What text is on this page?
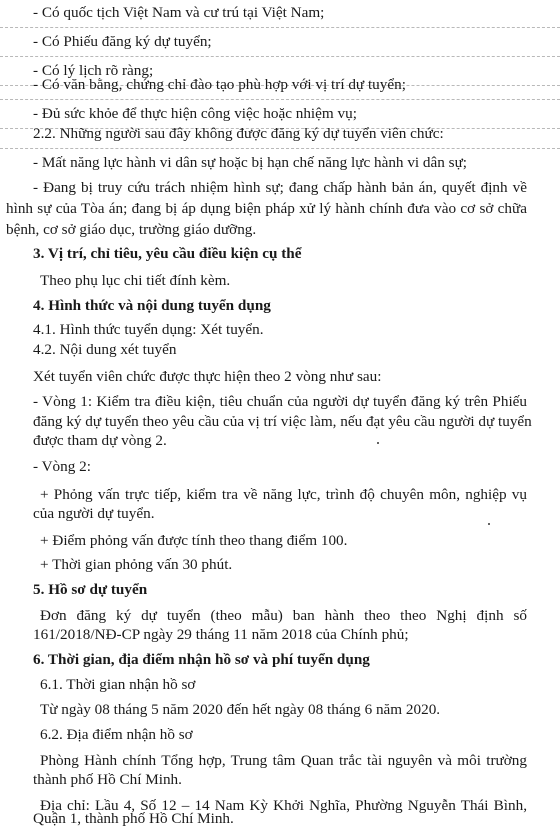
- Có quốc tịch Việt Nam và cư trú tại Việt Nam;
- Có Phiếu đăng ký dự tuyển;
- Có lý lịch rõ ràng;
- Có văn bằng, chứng chỉ đào tạo phù hợp với vị trí dự tuyển;
- Đủ sức khỏe để thực hiện công việc hoặc nhiệm vụ;
2.2. Những người sau đây không được đăng ký dự tuyển viên chức:
- Mất năng lực hành vi dân sự hoặc bị hạn chế năng lực hành vi dân sự;
- Đang bị truy cứu trách nhiệm hình sự; đang chấp hành bản án, quyết định về
hình sự của Tòa án; đang bị áp dụng biện pháp xử lý hành chính đưa vào cơ sở chữa
bệnh, cơ sở giáo dục, trường giáo dưỡng.
3. Vị trí, chỉ tiêu, yêu cầu điều kiện cụ thể
Theo phụ lục chi tiết đính kèm.
4. Hình thức và nội dung tuyển dụng
4.1. Hình thức tuyển dụng: Xét tuyển.
4.2. Nội dung xét tuyển
Xét tuyển viên chức được thực hiện theo 2 vòng như sau:
- Vòng 1: Kiểm tra điều kiện, tiêu chuẩn của người dự tuyển đăng ký trên Phiếu
đăng ký dự tuyển theo yêu cầu của vị trí việc làm, nếu đạt yêu cầu người dự tuyển
được tham dự vòng 2.
- Vòng 2:
+ Phỏng vấn trực tiếp, kiểm tra về năng lực, trình độ chuyên môn, nghiệp vụ
của người dự tuyển.
+ Điểm phỏng vấn được tính theo thang điểm 100.
+ Thời gian phỏng vấn 30 phút.
5. Hồ sơ dự tuyển
Đơn đăng ký dự tuyển (theo mẫu) ban hành theo theo Nghị định số
161/2018/NĐ-CP ngày 29 tháng 11 năm 2018 của Chính phủ;
6. Thời gian, địa điểm nhận hồ sơ và phí tuyển dụng
6.1. Thời gian nhận hồ sơ
Từ ngày 08 tháng 5 năm 2020 đến hết ngày 08 tháng 6 năm 2020.
6.2. Địa điểm nhận hồ sơ
Phòng Hành chính Tổng hợp, Trung tâm Quan trắc tài nguyên và môi trường
thành phố Hồ Chí Minh.
Địa chỉ: Lầu 4, Số 12 – 14 Nam Kỳ Khởi Nghĩa, Phường Nguyễn Thái Bình,
Quận 1, thành phố Hồ Chí Minh.
